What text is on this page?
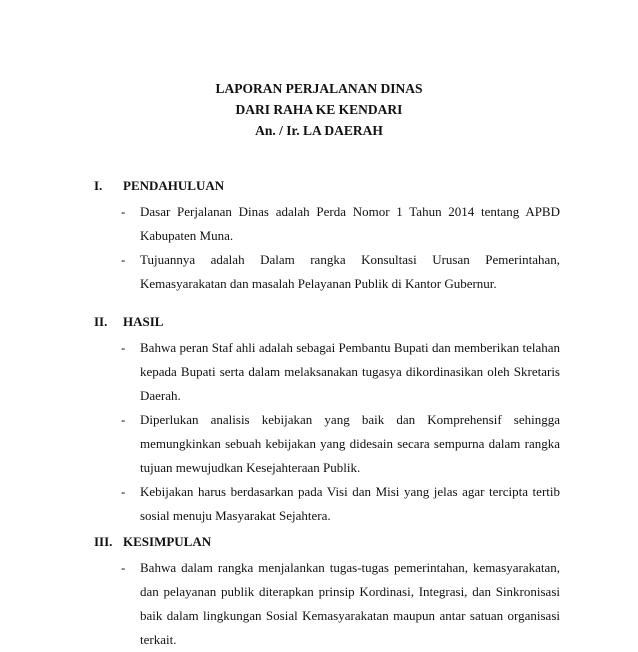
LAPORAN PERJALANAN DINAS
DARI RAHA KE KENDARI
An. / Ir. LA DAERAH
I. PENDAHULUAN
- Dasar Perjalanan Dinas adalah Perda Nomor 1 Tahun 2014 tentang APBD Kabupaten Muna.
- Tujuannya adalah Dalam rangka Konsultasi Urusan Pemerintahan, Kemasyarakatan dan masalah Pelayanan Publik di Kantor Gubernur.
II. HASIL
- Bahwa peran Staf ahli adalah sebagai Pembantu Bupati dan memberikan telahan kepada Bupati serta dalam melaksanakan tugasya dikordinasikan oleh Skretaris Daerah.
- Diperlukan analisis kebijakan yang baik dan Komprehensif sehingga memungkinkan sebuah kebijakan yang didesain secara sempurna dalam rangka tujuan mewujudkan Kesejahteraan Publik.
- Kebijakan harus berdasarkan pada Visi dan Misi yang jelas agar tercipta tertib sosial menuju Masyarakat Sejahtera.
III. KESIMPULAN
- Bahwa dalam rangka menjalankan tugas-tugas pemerintahan, kemasyarakatan, dan pelayanan publik diterapkan prinsip Kordinasi, Integrasi, dan Sinkronisasi baik dalam lingkungan Sosial Kemasyarakatan maupun antar satuan organisasi terkait.
